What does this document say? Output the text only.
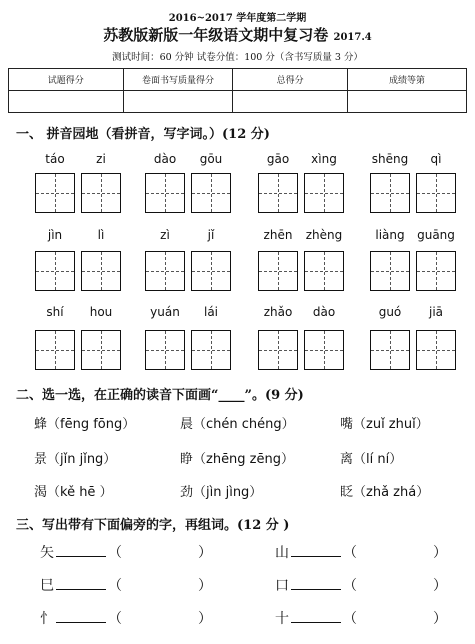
2016~2017 学年度第二学期
苏教版新版一年级语文期中复习卷 2017.4
测试时间：60 分钟 试卷分值：100 分（含书写质量 3 分）
试题得分	卷面书写质量得分	总得分	成绩等第

一、 拼音园地（看拼音，写字词。）(12 分)
táo	zi	dào	gōu	gāo	xìng	shēng	qì
jìn	lì	zì	jǐ	zhēn	zhèng	liàng	guāng
shí	hou	yuán	lái	zhǎo	dào	guó	jiā
二、选一选，在正确的读音下面画“____”。(9 分)
蜂（fēng fōng）	晨（chén chéng）	嘴（zuǐ zhuǐ）
景（jǐn jǐng）	睁（zhēng zēng）	离（lí ní）
渴（kě hē ）	劲（jìn jìng）	眨（zhǎ zhá）
三、写出带有下面偏旁的字，再组词。(12 分 )
矢	（	）	山	（	）
巳	（	）	口	（	）
忄	（	）	十	（	）
